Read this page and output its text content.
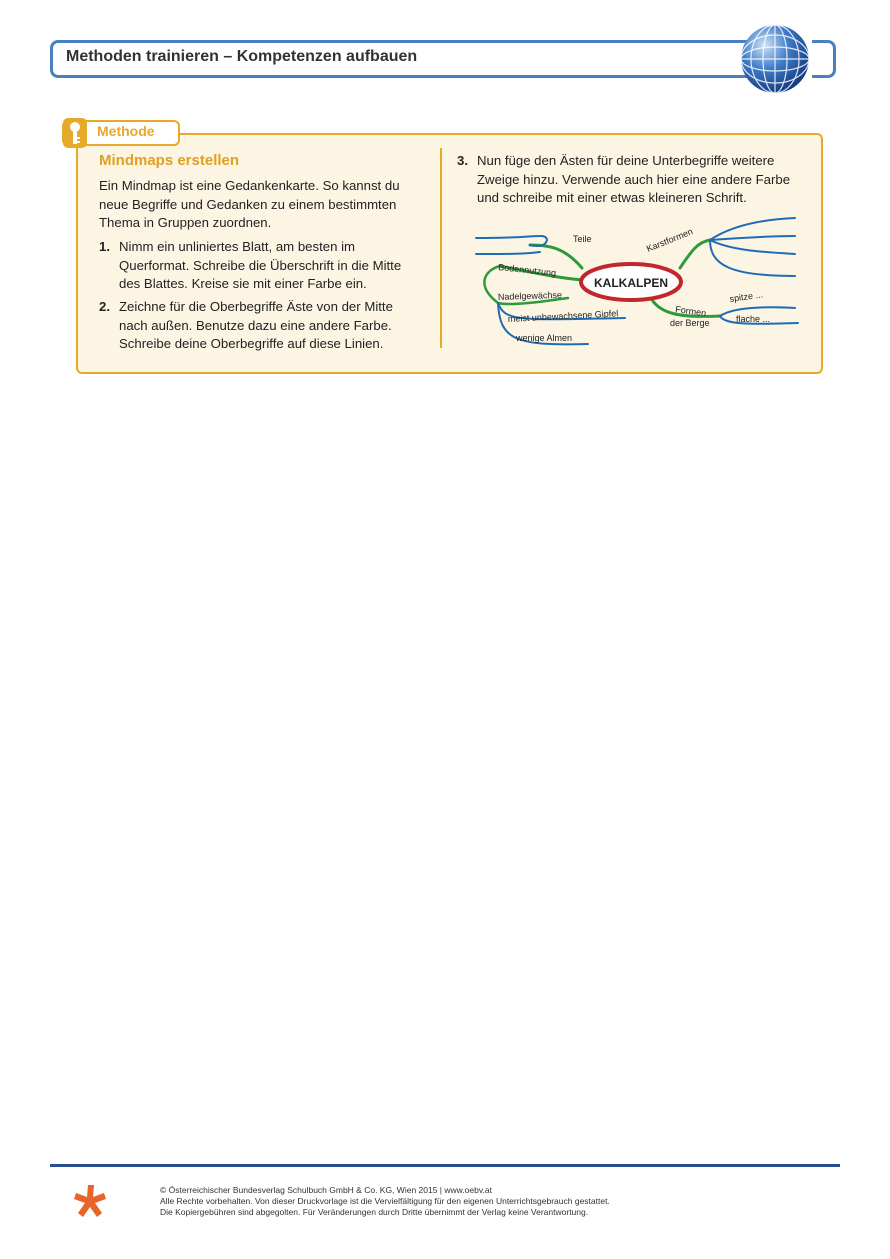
Methoden trainieren – Kompetenzen aufbauen
Methode
Mindmaps erstellen
Ein Mindmap ist eine Gedankenkarte. So kannst du
neue Begriffe und Gedanken zu einem bestimmten
Thema in Gruppen zuordnen.
1. Nimm ein unliniertes Blatt, am besten im
Querformat. Schreibe die Überschrift in die Mitte
des Blattes. Kreise sie mit einer Farbe ein.
2. Zeichne für die Oberbegriffe Äste von der Mitte
nach außen. Benutze dazu eine andere Farbe.
Schreibe deine Oberbegriffe auf diese Linien.
3. Nun füge den Ästen für deine Unterbegriffe weitere
Zweige hinzu. Verwende auch hier eine andere Farbe
und schreibe mit einer etwas kleineren Schrift.
KALKALPEN
Teile	Karstformen
Bodennutzung
Nadelgewächse
meist unbewachsene Gipfel
wenige Almen
Formen
der Berge
spitze ...
flache ...
© Österreichischer Bundesverlag Schulbuch GmbH & Co. KG, Wien 2015 | www.oebv.at
Alle Rechte vorbehalten. Von dieser Druckvorlage ist die Vervielfältigung für den eigenen Unterrichtsgebrauch gestattet.
Die Kopiergebühren sind abgegolten. Für Veränderungen durch Dritte übernimmt der Verlag keine Verantwortung.
